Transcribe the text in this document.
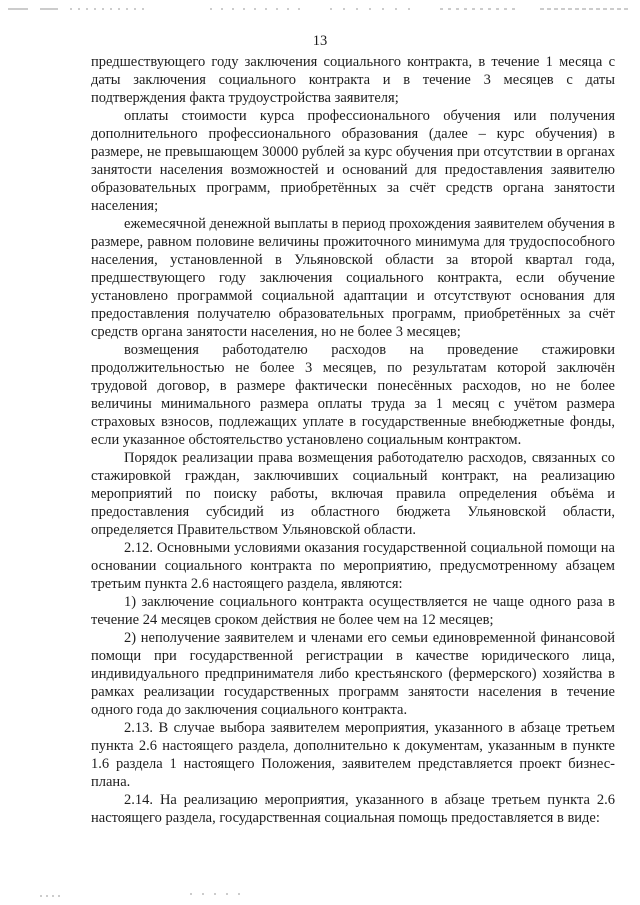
13

предшествующего году заключения социального контракта, в течение 1 месяца с даты заключения социального контракта и в течение 3 месяцев с даты подтверждения факта трудоустройства заявителя;

оплаты стоимости курса профессионального обучения или получения дополнительного профессионального образования (далее – курс обучения) в размере, не превышающем 30000 рублей за курс обучения при отсутствии в органах занятости населения возможностей и оснований для предоставления заявителю образовательных программ, приобретённых за счёт средств органа занятости населения;

ежемесячной денежной выплаты в период прохождения заявителем обучения в размере, равном половине величины прожиточного минимума для трудоспособного населения, установленной в Ульяновской области за второй квартал года, предшествующего году заключения социального контракта, если обучение установлено программой социальной адаптации и отсутствуют основания для предоставления получателю образовательных программ, приобретённых за счёт средств органа занятости населения, но не более 3 месяцев;

возмещения работодателю расходов на проведение стажировки продолжительностью не более 3 месяцев, по результатам которой заключён трудовой договор, в размере фактически понесённых расходов, но не более величины минимального размера оплаты труда за 1 месяц с учётом размера страховых взносов, подлежащих уплате в государственные внебюджетные фонды, если указанное обстоятельство установлено социальным контрактом.

Порядок реализации права возмещения работодателю расходов, связанных со стажировкой граждан, заключивших социальный контракт, на реализацию мероприятий по поиску работы, включая правила определения объёма и предоставления субсидий из областного бюджета Ульяновской области, определяется Правительством Ульяновской области.

2.12. Основными условиями оказания государственной социальной помощи на основании социального контракта по мероприятию, предусмотренному абзацем третьим пункта 2.6 настоящего раздела, являются:

1) заключение социального контракта осуществляется не чаще одного раза в течение 24 месяцев сроком действия не более чем на 12 месяцев;

2) неполучение заявителем и членами его семьи единовременной финансовой помощи при государственной регистрации в качестве юридического лица, индивидуального предпринимателя либо крестьянского (фермерского) хозяйства в рамках реализации государственных программ занятости населения в течение одного года до заключения социального контракта.

2.13. В случае выбора заявителем мероприятия, указанного в абзаце третьем пункта 2.6 настоящего раздела, дополнительно к документам, указанным в пункте 1.6 раздела 1 настоящего Положения, заявителем представляется проект бизнес-плана.

2.14. На реализацию мероприятия, указанного в абзаце третьем пункта 2.6 настоящего раздела, государственная социальная помощь предоставляется в виде:
